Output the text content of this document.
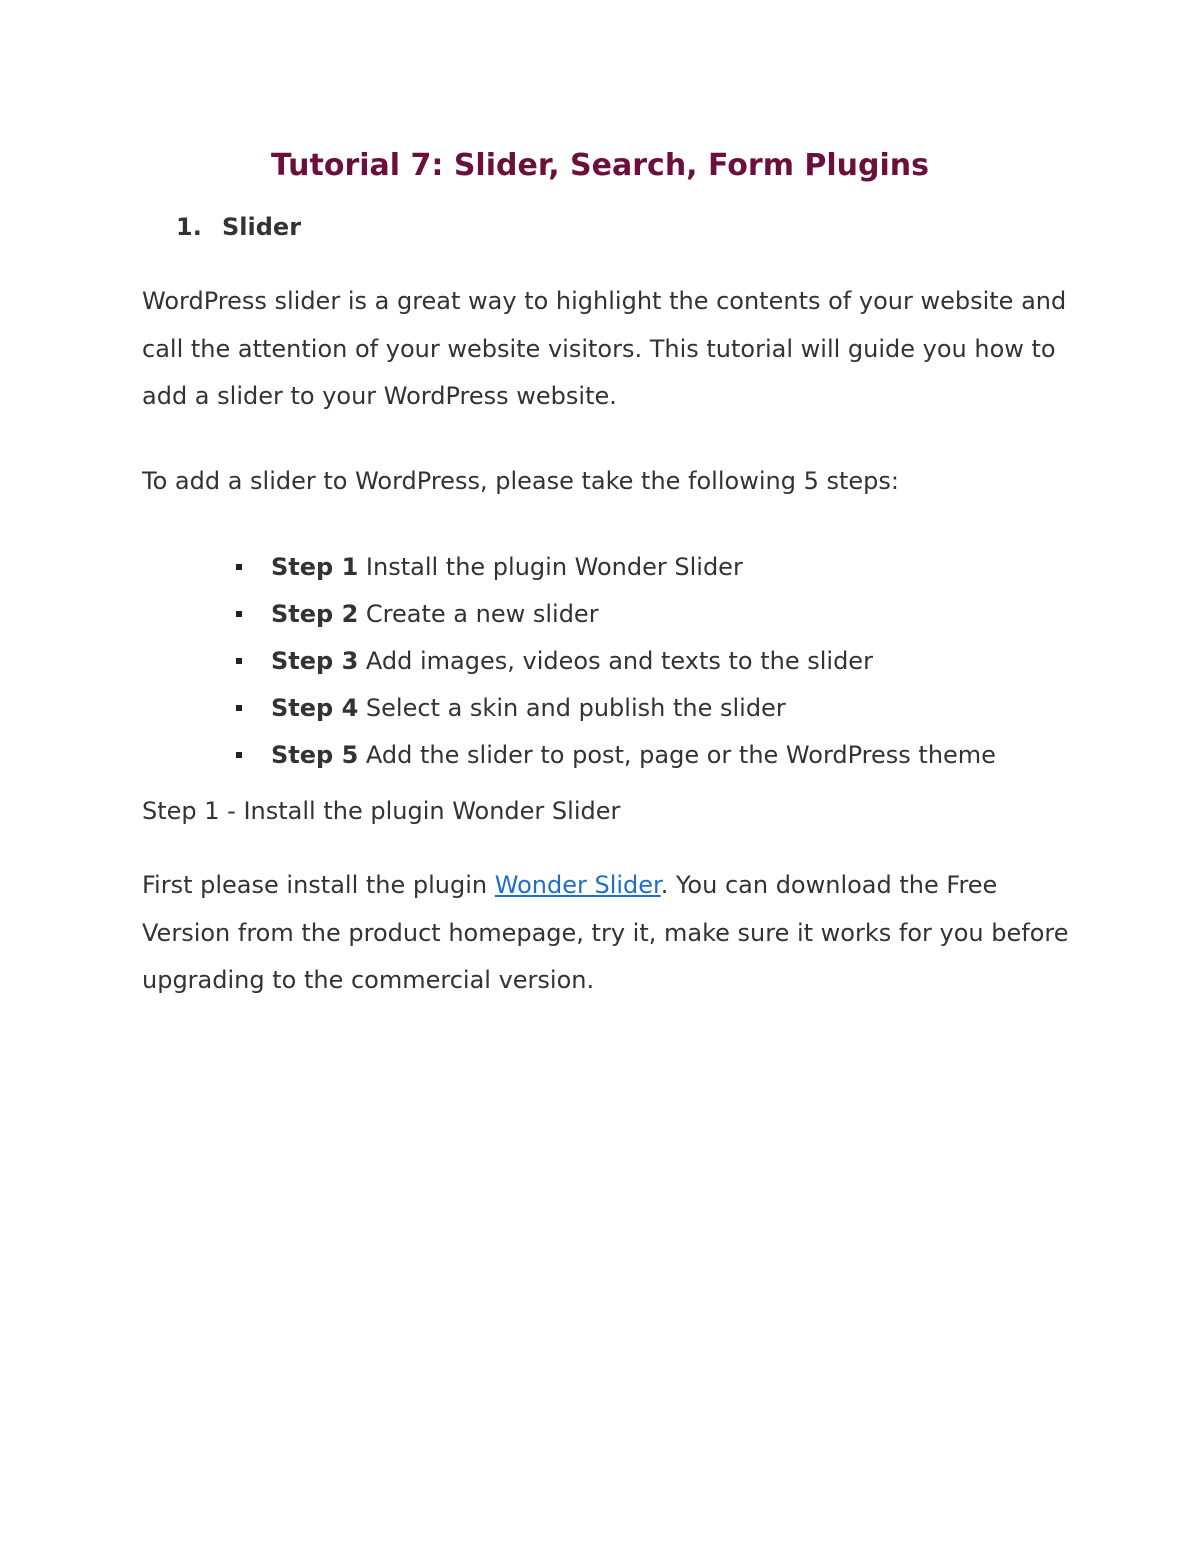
Tutorial 7: Slider, Search, Form Plugins
1. Slider

WordPress slider is a great way to highlight the contents of your website and call the attention of your website visitors. This tutorial will guide you how to add a slider to your WordPress website.

To add a slider to WordPress, please take the following 5 steps:

Step 1 Install the plugin Wonder Slider
Step 2 Create a new slider
Step 3 Add images, videos and texts to the slider
Step 4 Select a skin and publish the slider
Step 5 Add the slider to post, page or the WordPress theme

Step 1 - Install the plugin Wonder Slider

First please install the plugin Wonder Slider. You can download the Free Version from the product homepage, try it, make sure it works for you before upgrading to the commercial version.
